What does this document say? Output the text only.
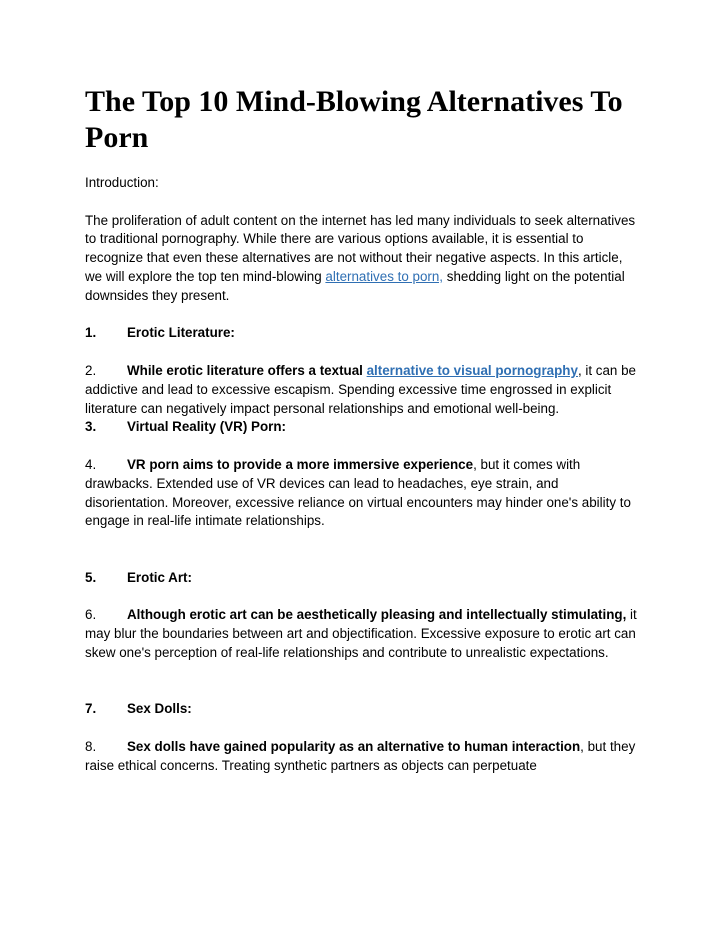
The Top 10 Mind-Blowing Alternatives To Porn

Introduction:

The proliferation of adult content on the internet has led many individuals to seek alternatives to traditional pornography. While there are various options available, it is essential to recognize that even these alternatives are not without their negative aspects. In this article, we will explore the top ten mind-blowing alternatives to porn, shedding light on the potential downsides they present.

1. Erotic Literature:

2. While erotic literature offers a textual alternative to visual pornography, it can be addictive and lead to excessive escapism. Spending excessive time engrossed in explicit literature can negatively impact personal relationships and emotional well-being.

3. Virtual Reality (VR) Porn:

4. VR porn aims to provide a more immersive experience, but it comes with drawbacks. Extended use of VR devices can lead to headaches, eye strain, and disorientation. Moreover, excessive reliance on virtual encounters may hinder one's ability to engage in real-life intimate relationships.

5. Erotic Art:

6. Although erotic art can be aesthetically pleasing and intellectually stimulating, it may blur the boundaries between art and objectification. Excessive exposure to erotic art can skew one's perception of real-life relationships and contribute to unrealistic expectations.

7. Sex Dolls:

8. Sex dolls have gained popularity as an alternative to human interaction, but they raise ethical concerns. Treating synthetic partners as objects can perpetuate
